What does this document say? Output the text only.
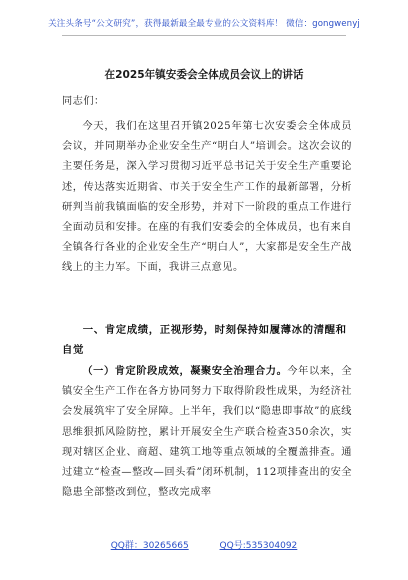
关注头条号“公文研究”，获得最新最全最专业的公文资料库！ 微信：gongwenyj
在2025年镇安委会全体成员会议上的讲话
同志们：
今天，我们在这里召开镇2025年第七次安委会全体成员会议，并同期举办企业安全生产“明白人”培训会。这次会议的主要任务是，深入学习贯彻习近平总书记关于安全生产重要论述，传达落实近期省、市关于安全生产工作的最新部署，分析研判当前我镇面临的安全形势，并对下一阶段的重点工作进行全面动员和安排。在座的有我们安委会的全体成员，也有来自全镇各行各业的企业安全生产“明白人”，大家都是安全生产战线上的主力军。下面，我讲三点意见。
一、肯定成绩，正视形势，时刻保持如履薄冰的清醒和自觉
（一）肯定阶段成效，凝聚安全治理合力。今年以来，全镇安全生产工作在各方协同努力下取得阶段性成果，为经济社会发展筑牢了安全屏障。上半年，我们以“隐患即事故”的底线思维狠抓风险防控，累计开展安全生产联合检查350余次，实现对辖区企业、商超、建筑工地等重点领域的全覆盖排查。通过建立“检查—整改—回头看”闭环机制，112项排查出的安全隐患全部整改到位，整改完成率
QQ群：30265665	QQ号:535304092
